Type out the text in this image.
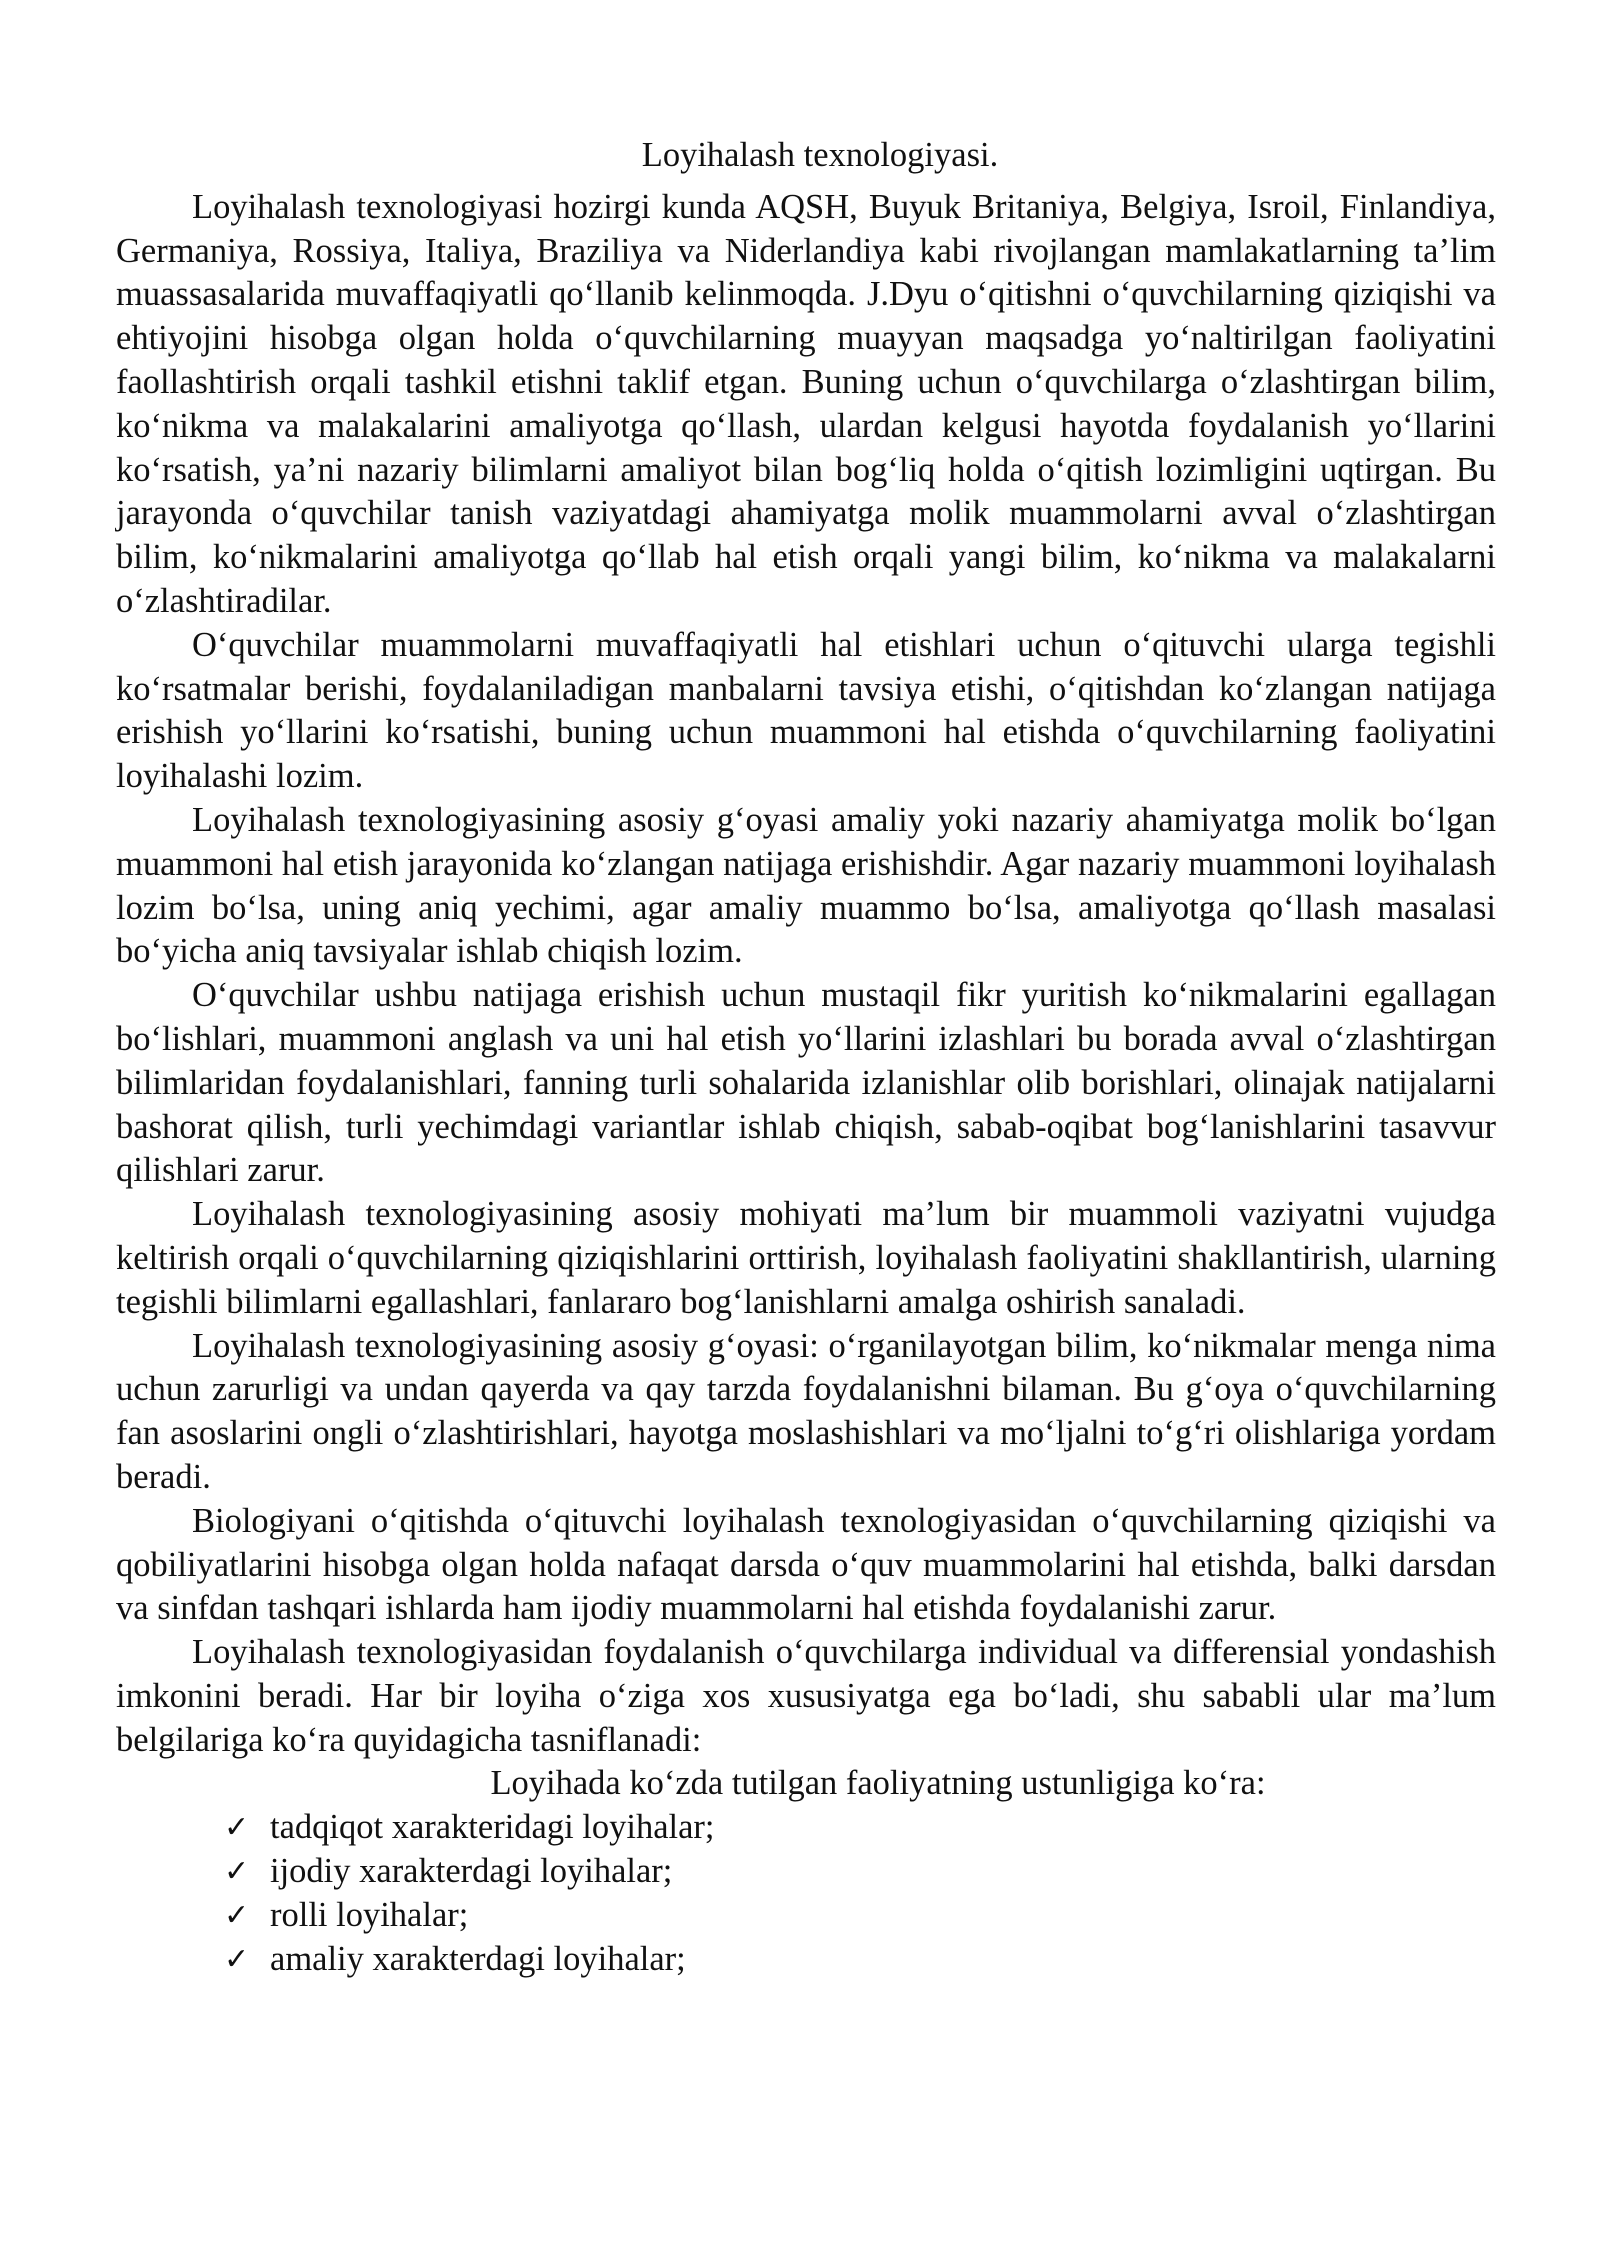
Loyihalash texnologiyasi.

Loyihalash texnologiyasi hozirgi kunda AQSH, Buyuk Britaniya, Belgiya, Isroil, Finlandiya, Germaniya, Rossiya, Italiya, Braziliya va Niderlandiya kabi rivojlangan mamlakatlarning ta’lim muassasalarida muvaffaqiyatli qo‘llanib kelinmoqda. J.Dyu o‘qitishni o‘quvchilarning qiziqishi va ehtiyojini hisobga olgan holda o‘quvchilarning muayyan maqsadga yo‘naltirilgan faoliyatini faollashtirish orqali tashkil etishni taklif etgan. Buning uchun o‘quvchilarga o‘zlashtirgan bilim, ko‘nikma va malakalarini amaliyotga qo‘llash, ulardan kelgusi hayotda foydalanish yo‘llarini ko‘rsatish, ya’ni nazariy bilimlarni amaliyot bilan bog‘liq holda o‘qitish lozimligini uqtirgan. Bu jarayonda o‘quvchilar tanish vaziyatdagi ahamiyatga molik muammolarni avval o‘zlashtirgan bilim, ko‘nikmalarini amaliyotga qo‘llab hal etish orqali yangi bilim, ko‘nikma va malakalarni o‘zlashtiradilar.

O‘quvchilar muammolarni muvaffaqiyatli hal etishlari uchun o‘qituvchi ularga tegishli ko‘rsatmalar berishi, foydalaniladigan manbalarni tavsiya etishi, o‘qitishdan ko‘zlangan natijaga erishish yo‘llarini ko‘rsatishi, buning uchun muammoni hal etishda o‘quvchilarning faoliyatini loyihalashi lozim.

Loyihalash texnologiyasining asosiy g‘oyasi amaliy yoki nazariy ahamiyatga molik bo‘lgan muammoni hal etish jarayonida ko‘zlangan natijaga erishishdir. Agar nazariy muammoni loyihalash lozim bo‘lsa, uning aniq yechimi, agar amaliy muammo bo‘lsa, amaliyotga qo‘llash masalasi bo‘yicha aniq tavsiyalar ishlab chiqish lozim.

O‘quvchilar ushbu natijaga erishish uchun mustaqil fikr yuritish ko‘nikmalarini egallagan bo‘lishlari, muammoni anglash va uni hal etish yo‘llarini izlashlari bu borada avval o‘zlashtirgan bilimlaridan foydalanishlari, fanning turli sohalarida izlanishlar olib borishlari, olinajak natijalarni bashorat qilish, turli yechimdagi variantlar ishlab chiqish, sabab-oqibat bog‘lanishlarini tasavvur qilishlari zarur.

Loyihalash texnologiyasining asosiy mohiyati ma’lum bir muammoli vaziyatni vujudga keltirish orqali o‘quvchilarning qiziqishlarini orttirish, loyihalash faoliyatini shakllantirish, ularning tegishli bilimlarni egallashlari, fanlararo bog‘lanishlarni amalga oshirish sanaladi.

Loyihalash texnologiyasining asosiy g‘oyasi: o‘rganilayotgan bilim, ko‘nikmalar menga nima uchun zarurligi va undan qayerda va qay tarzda foydalanishni bilaman. Bu g‘oya o‘quvchilarning fan asoslarini ongli o‘zlashtirishlari, hayotga moslashishlari va mo‘ljalni to‘g‘ri olishlariga yordam beradi.

Biologiyani o‘qitishda o‘qituvchi loyihalash texnologiyasidan o‘quvchilarning qiziqishi va qobiliyatlarini hisobga olgan holda nafaqat darsda o‘quv muammolarini hal etishda, balki darsdan va sinfdan tashqari ishlarda ham ijodiy muammolarni hal etishda foydalanishi zarur.

Loyihalash texnologiyasidan foydalanish o‘quvchilarga individual va differensial yondashish imkonini beradi. Har bir loyiha o‘ziga xos xususiyatga ega bo‘ladi, shu sababli ular ma’lum belgilariga ko‘ra quyidagicha tasniflanadi:

Loyihada ko‘zda tutilgan faoliyatning ustunligiga ko‘ra:
✓ tadqiqot xarakteridagi loyihalar;
✓ ijodiy xarakterdagi loyihalar;
✓ rolli loyihalar;
✓ amaliy xarakterdagi loyihalar;
